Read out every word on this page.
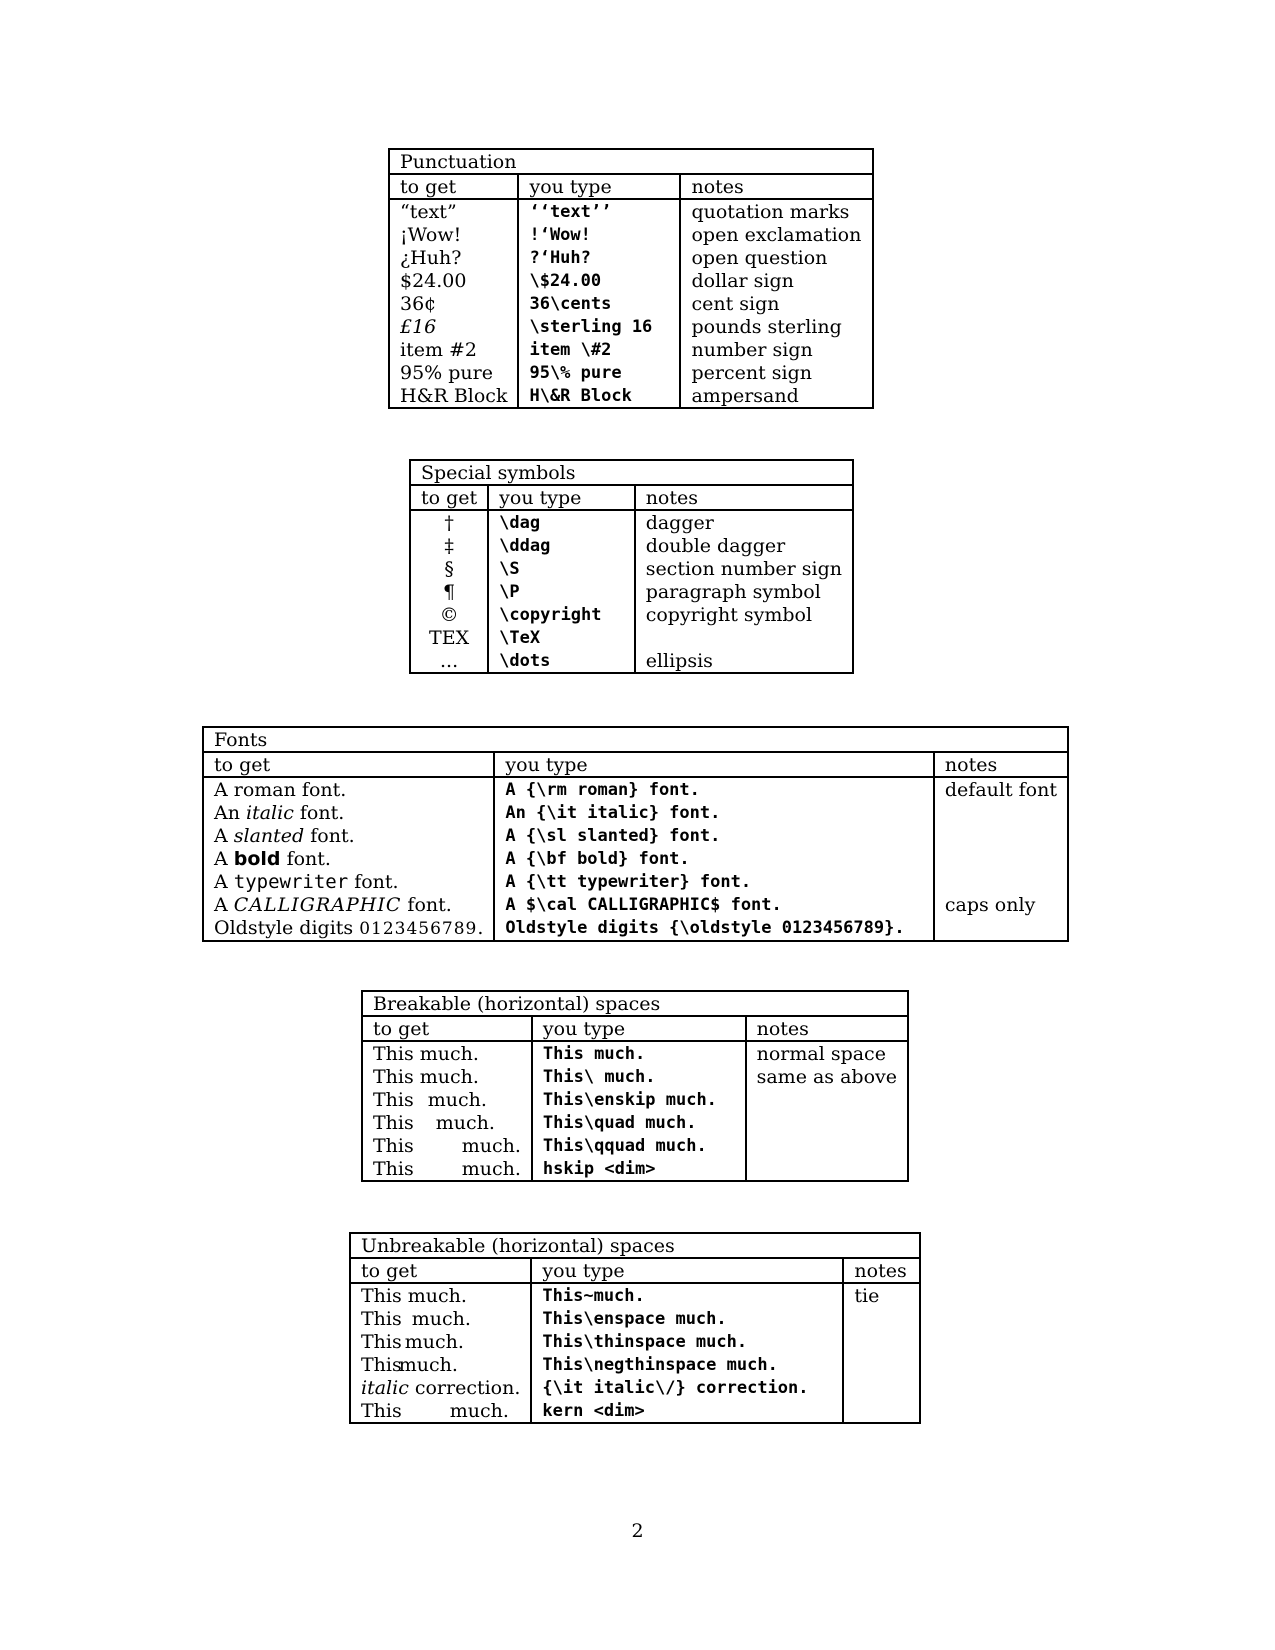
Punctuation		
to get	you type	notes
“text”	‘‘text’’	quotation marks
¡Wow!	!‘Wow!	open exclamation
¿Huh?	?‘Huh?	open question
$24.00	\$24.00	dollar sign
36¢	36\cents	cent sign
£16	\sterling 16	pounds sterling
item #2	item \#2	number sign
95% pure	95\% pure	percent sign
H&R Block	H\&R Block	ampersand
Special symbols		
to get	you type	notes
†	\dag	dagger
‡	\ddag	double dagger
§	\S	section number sign
¶	\P	paragraph symbol
©	\copyright	copyright symbol
TEX	\TeX	
...	\dots	ellipsis
Fonts		
to get	you type	notes
A roman font.	A {\rm roman} font.	default font
An italic font.	An {\it italic} font.	
A slanted font.	A {\sl slanted} font.	
A bold font.	A {\bf bold} font.	
A typewriter font.	A {\tt typewriter} font.	
A CALLIGRAPHIC font.	A $\cal CALLIGRAPHIC$ font.	caps only
Oldstyle digits 0123456789.	Oldstyle digits {\oldstyle 0123456789}.	
Breakable (horizontal) spaces		
to get	you type	notes
This much.	This much.	normal space
This much.	This\ much.	same as above
This much.	This\enskip much.	
This much.	This\quad much.	
This much.	This\qquad much.	
This much.	hskip <dim>	
Unbreakable (horizontal) spaces		
to get	you type	notes
This much.	This~much.	tie
This much.	This\enspace much.	
This much.	This\thinspace much.	
Thismuch.	This\negthinspace much.	
italic correction.	{\it italic\/} correction.	
This much.	kern <dim>	
2
